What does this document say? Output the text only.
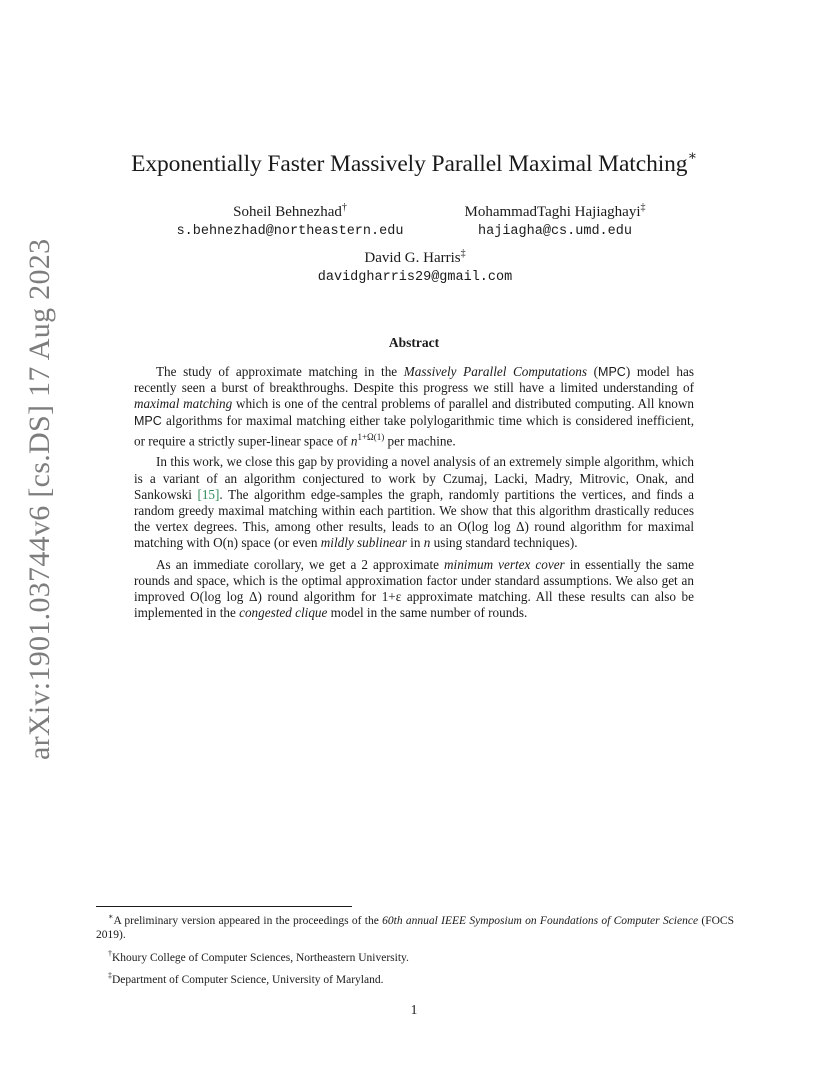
arXiv:1901.03744v6 [cs.DS] 17 Aug 2023
Exponentially Faster Massively Parallel Maximal Matching∗
Soheil Behnezhad†
s.behnezhad@northeastern.edu
MohammadTaghi Hajiaghayi‡
hajiagha@cs.umd.edu
David G. Harris‡
davidgharris29@gmail.com
Abstract

The study of approximate matching in the Massively Parallel Computations (MPC) model has recently seen a burst of breakthroughs. Despite this progress we still have a limited understanding of maximal matching which is one of the central problems of parallel and distributed computing. All known MPC algorithms for maximal matching either take polylogarithmic time which is considered inefficient, or require a strictly super-linear space of $n^{1+\Omega(1)}$ per machine.

In this work, we close this gap by providing a novel analysis of an extremely simple algorithm, which is a variant of an algorithm conjectured to work by Czumaj, Lacki, Madry, Mitrovic, Onak, and Sankowski [15]. The algorithm edge-samples the graph, randomly partitions the vertices, and finds a random greedy maximal matching within each partition. We show that this algorithm drastically reduces the vertex degrees. This, among other results, leads to an O(log log Δ) round algorithm for maximal matching with O(n) space (or even mildly sublinear in n using standard techniques).

As an immediate corollary, we get a 2 approximate minimum vertex cover in essentially the same rounds and space, which is the optimal approximation factor under standard assumptions. We also get an improved O(log log Δ) round algorithm for 1+ε approximate matching. All these results can also be implemented in the congested clique model in the same number of rounds.

∗A preliminary version appeared in the proceedings of the 60th annual IEEE Symposium on Foundations of Computer Science (FOCS 2019).

†Khoury College of Computer Sciences, Northeastern University.

‡Department of Computer Science, University of Maryland.

1
